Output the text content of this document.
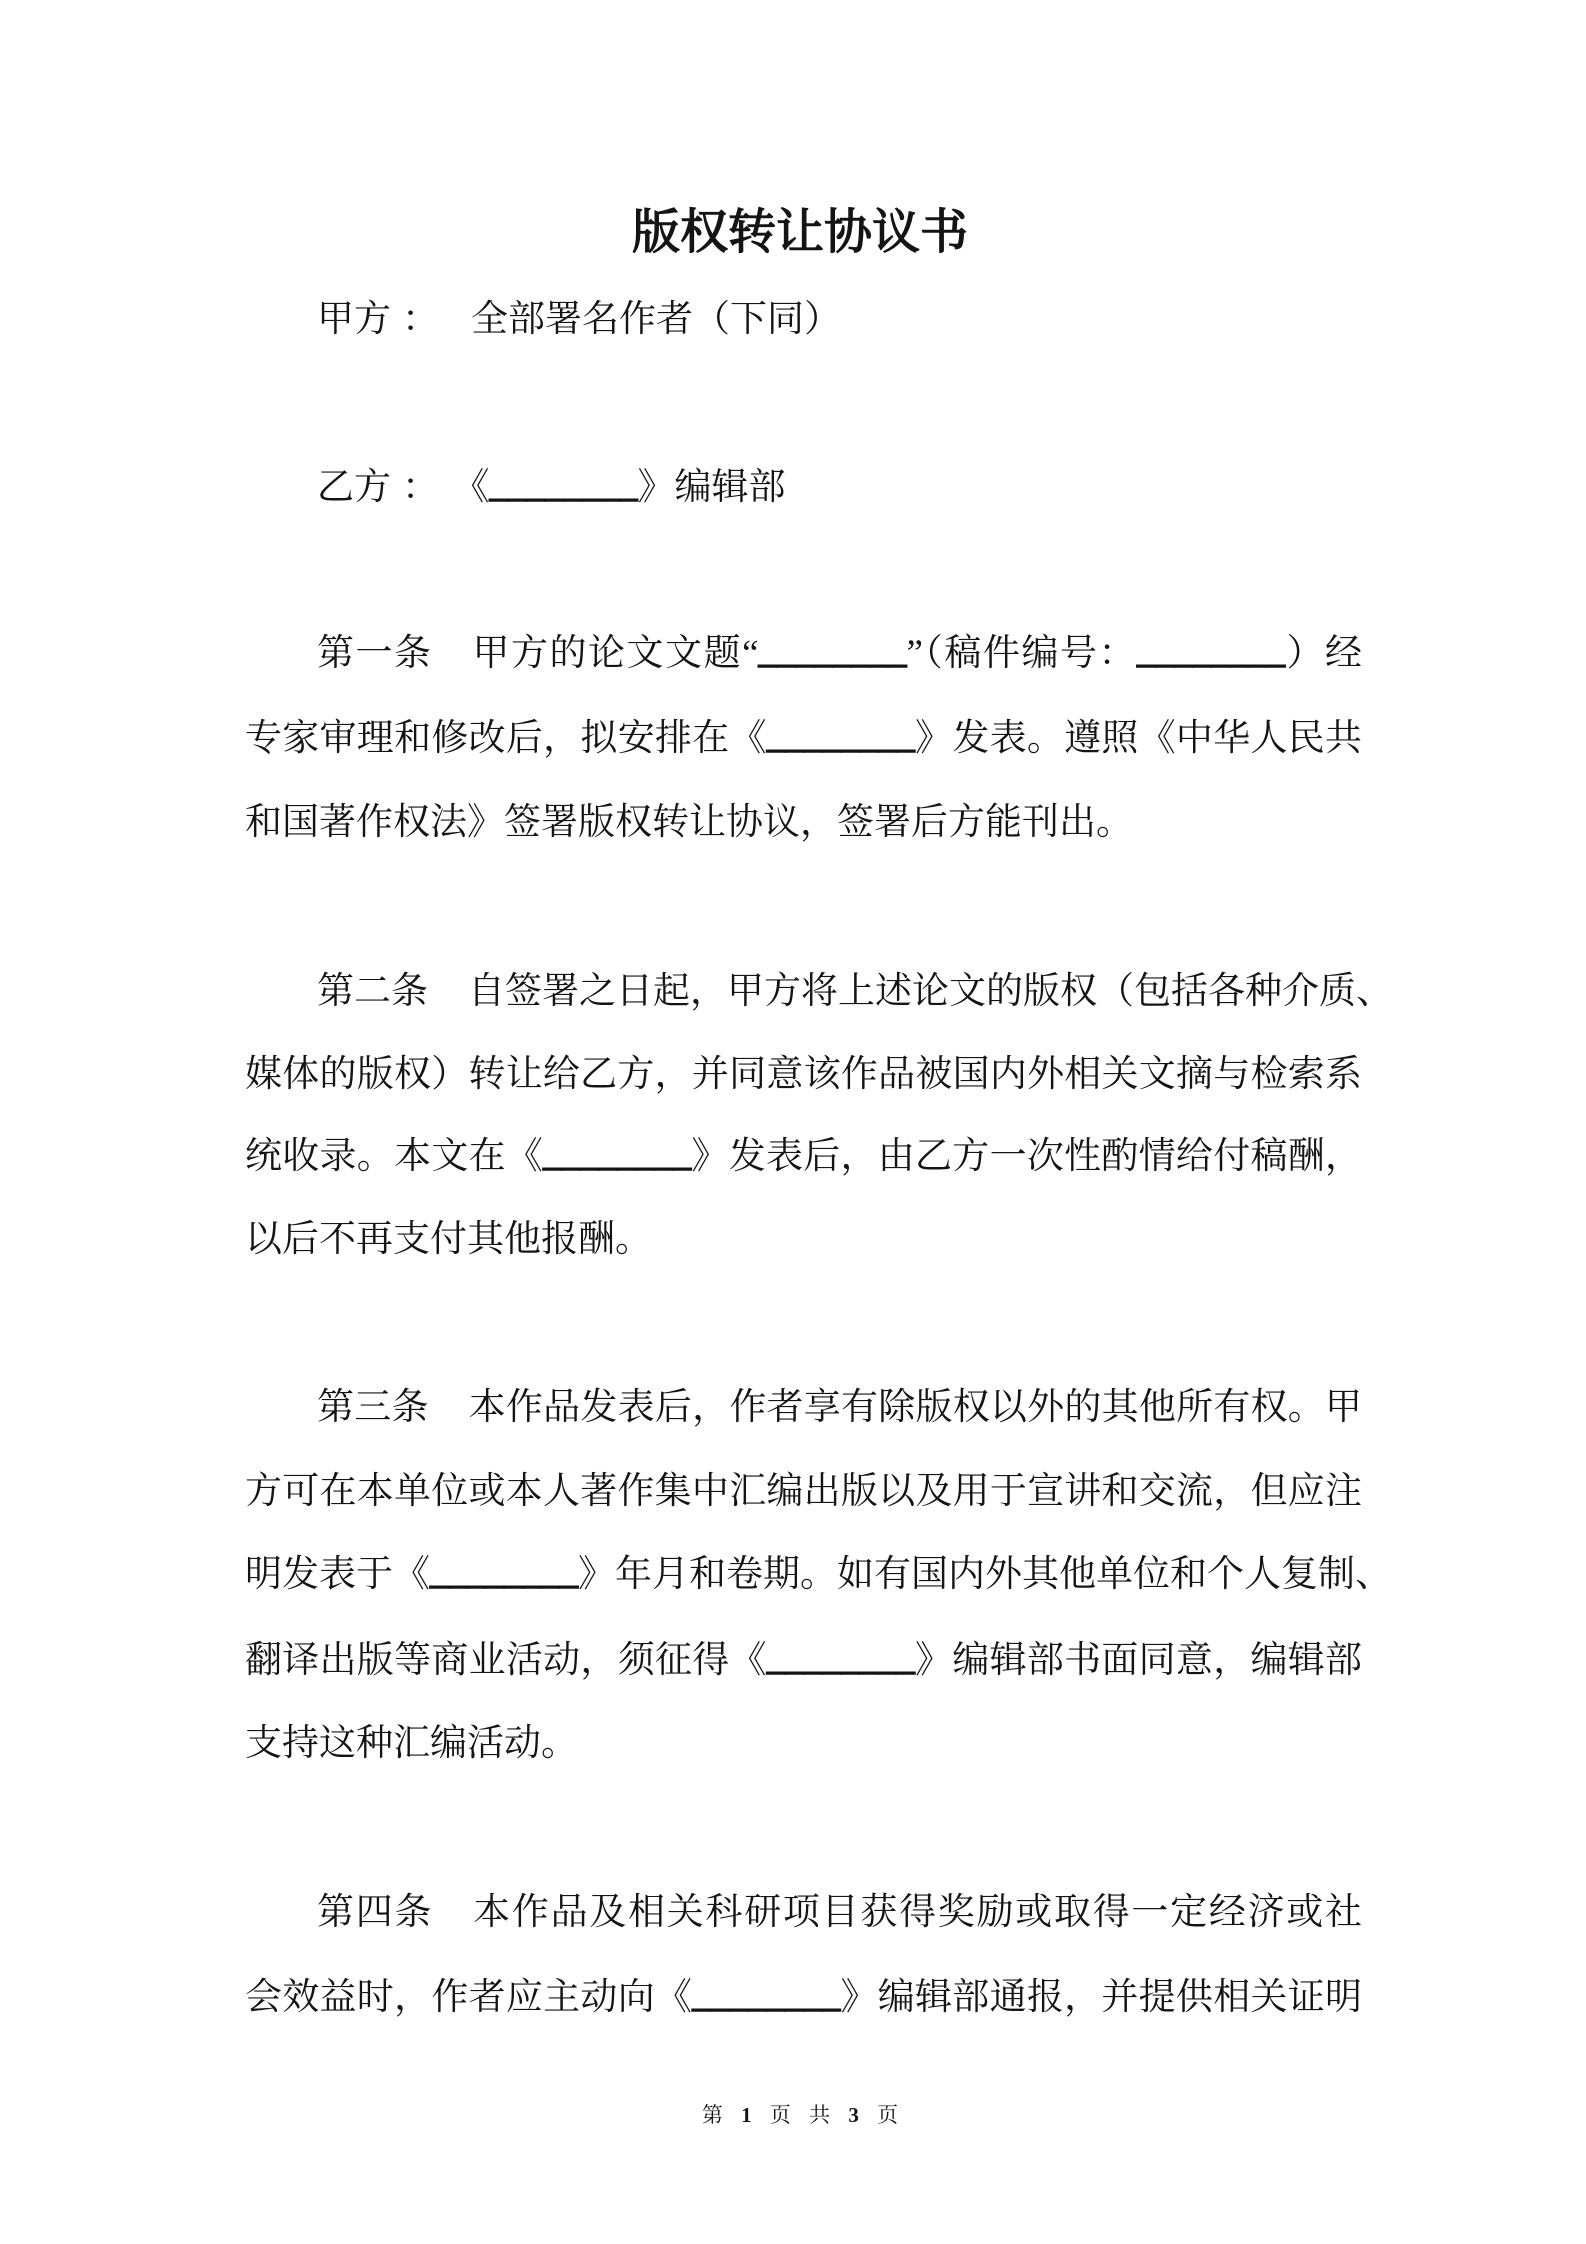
版权转让协议书
甲方 ： 全部署名作者（下同）
乙方 ： 《________》编辑部
第一条 甲方的论文文题“________”（稿件编号：________）经
专家审理和修改后，拟安排在《________》发表。遵照《中华人民共
和国著作权法》签署版权转让协议，签署后方能刊出。
第二条 自签署之日起，甲方将上述论文的版权（包括各种介质、
媒体的版权）转让给乙方，并同意该作品被国内外相关文摘与检索系
统收录。本文在《________》发表后，由乙方一次性酌情给付稿酬，
以后不再支付其他报酬。
第三条 本作品发表后，作者享有除版权以外的其他所有权。甲
方可在本单位或本人著作集中汇编出版以及用于宣讲和交流，但应注
明发表于《________》年月和卷期。如有国内外其他单位和个人复制、
翻译出版等商业活动，须征得《________》编辑部书面同意，编辑部
支持这种汇编活动。
第四条 本作品及相关科研项目获得奖励或取得一定经济或社
会效益时，作者应主动向《________》编辑部通报，并提供相关证明
第 1 页 共 3 页
